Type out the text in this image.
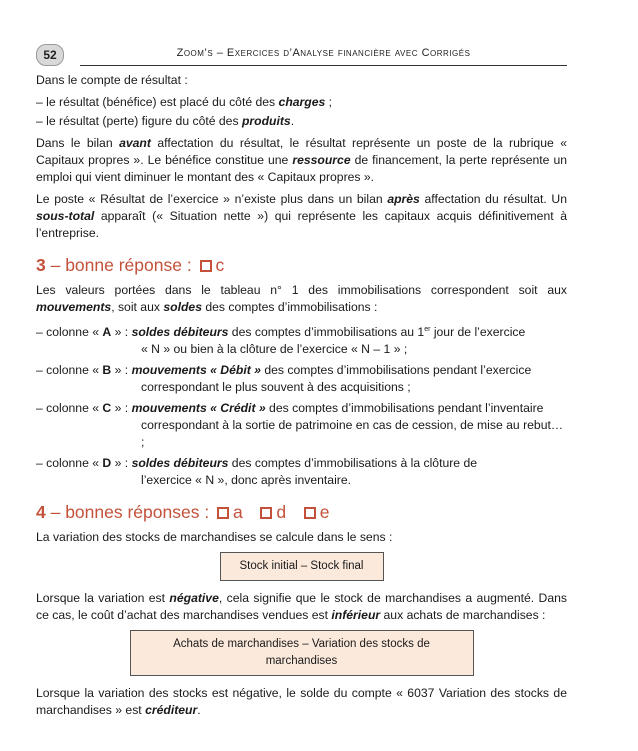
52	Zoom’s – Exercices d’Analyse financière avec Corrigés

Dans le compte de résultat :

– le résultat (bénéfice) est placé du côté des charges ;

– le résultat (perte) figure du côté des produits.

Dans le bilan avant affectation du résultat, le résultat représente un poste de la rubrique « Capitaux propres ». Le bénéfice constitue une ressource de financement, la perte représente un emploi qui vient diminuer le montant des « Capitaux propres ».

Le poste « Résultat de l’exercice » n’existe plus dans un bilan après affectation du résultat. Un sous-total apparaît (« Situation nette ») qui représente les capitaux acquis définitivement à l’entreprise.

3 – bonne réponse : c

Les valeurs portées dans le tableau n° 1 des immobilisations correspondent soit aux mouvements, soit aux soldes des comptes d’immobilisations :

– colonne « A » : soldes débiteurs des comptes d’immobilisations au 1er jour de l’exercice
« N » ou bien à la clôture de l’exercice « N – 1 » ;
– colonne « B » : mouvements « Débit » des comptes d’immobilisations pendant l’exercice
correspondant le plus souvent à des acquisitions ;
– colonne « C » : mouvements « Crédit » des comptes d’immobilisations pendant l’inventaire
correspondant à la sortie de patrimoine en cas de cession, de mise au rebut… ;
– colonne « D » : soldes débiteurs des comptes d’immobilisations à la clôture de
l’exercice « N », donc après inventaire.
4 – bonnes réponses : a d e

La variation des stocks de marchandises se calcule dans le sens :

Stock initial – Stock final

Lorsque la variation est négative, cela signifie que le stock de marchandises a augmenté. Dans ce cas, le coût d’achat des marchandises vendues est inférieur aux achats de marchandises :

Achats de marchandises – Variation des stocks de marchandises

Lorsque la variation des stocks est négative, le solde du compte « 6037 Variation des stocks de marchandises » est créditeur.
